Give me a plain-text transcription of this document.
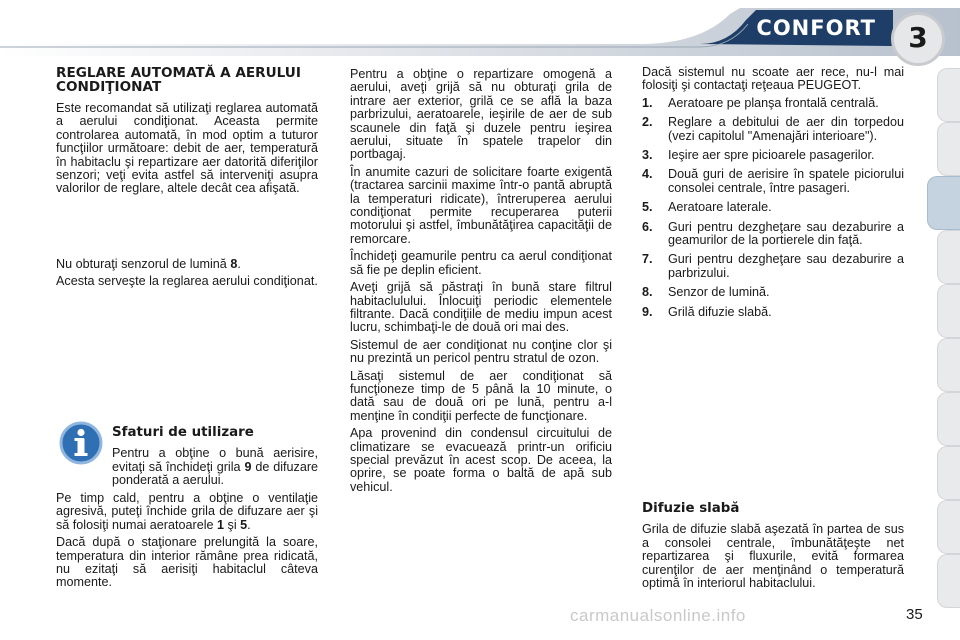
CONFORT	3
REGLARE AUTOMATĂ A AERULUI CONDIŢIONAT

Este recomandat să utilizaţi reglarea automată a aerului condiţionat. Aceasta permite controlarea automată, în mod optim a tuturor funcţiilor următoare: debit de aer, temperatură în habitaclu şi repartizare aer datorită diferiţilor senzori; veţi evita astfel să interveniţi asupra valorilor de reglare, altele decât cea afişată.

Nu obturaţi senzorul de lumină 8.

Acesta serveşte la reglarea aerului condiţionat.

Sfaturi de utilizare

Pentru a obţine o bună aerisire, evitaţi să închideţi grila 9 de difuzare ponderată a aerului.

Pe timp cald, pentru a obţine o ventilaţie agresivă, puteţi închide grila de difuzare aer şi să folosiţi numai aeratoarele 1 şi 5.

Dacă după o staţionare prelungită la soare, temperatura din interior rămâne prea ridicată, nu ezitaţi să aerisiţi habitaclul câteva momente.

Pentru a obţine o repartizare omogenă a aerului, aveţi grijă să nu obturaţi grila de intrare aer exterior, grilă ce se află la baza parbrizului, aeratoarele, ieşirile de aer de sub scaunele din faţă şi duzele pentru ieşirea aerului, situate în spatele trapelor din portbagaj.

În anumite cazuri de solicitare foarte exigentă (tractarea sarcinii maxime într-o pantă abruptă la temperaturi ridicate), întreruperea aerului condiţionat permite recuperarea puterii motorului şi astfel, îmbunătăţirea capacităţii de remorcare.

Închideţi geamurile pentru ca aerul condiţionat să fie pe deplin eficient.

Aveţi grijă să păstraţi în bună stare filtrul habitaclulului. Înlocuiţi periodic elementele filtrante. Dacă condiţiile de mediu impun acest lucru, schimbaţi-le de două ori mai des.

Sistemul de aer condiţionat nu conţine clor şi nu prezintă un pericol pentru stratul de ozon.

Lăsaţi sistemul de aer condiţionat să funcţioneze timp de 5 până la 10 minute, o dată sau de două ori pe lună, pentru a-l menţine în condiţii perfecte de funcţionare.

Apa provenind din condensul circuitului de climatizare se evacuează printr-un orificiu special prevăzut în acest scop. De aceea, la oprire, se poate forma o baltă de apă sub vehicul.

Dacă sistemul nu scoate aer rece, nu-l mai folosiţi şi contactaţi reţeaua PEUGEOT.

1. Aeratoare pe planşa frontală centrală.
2. Reglare a debitului de aer din torpedou (vezi capitolul "Amenajări interioare").
3. Ieşire aer spre picioarele pasagerilor.
4. Două guri de aerisire în spatele piciorului consolei centrale, între pasageri.
5. Aeratoare laterale.
6. Guri pentru dezgheţare sau dezaburire a geamurilor de la portierele din faţă.
7. Guri pentru dezgheţare sau dezaburire a parbrizului.
8. Senzor de lumină.
9. Grilă difuzie slabă.
Difuzie slabă

Grila de difuzie slabă aşezată în partea de sus a consolei centrale, îmbunătăţeşte net repartizarea şi fluxurile, evită formarea curenţilor de aer menţinând o temperatură optimă în interiorul habitaclului.

carmanualsonline.info	35
